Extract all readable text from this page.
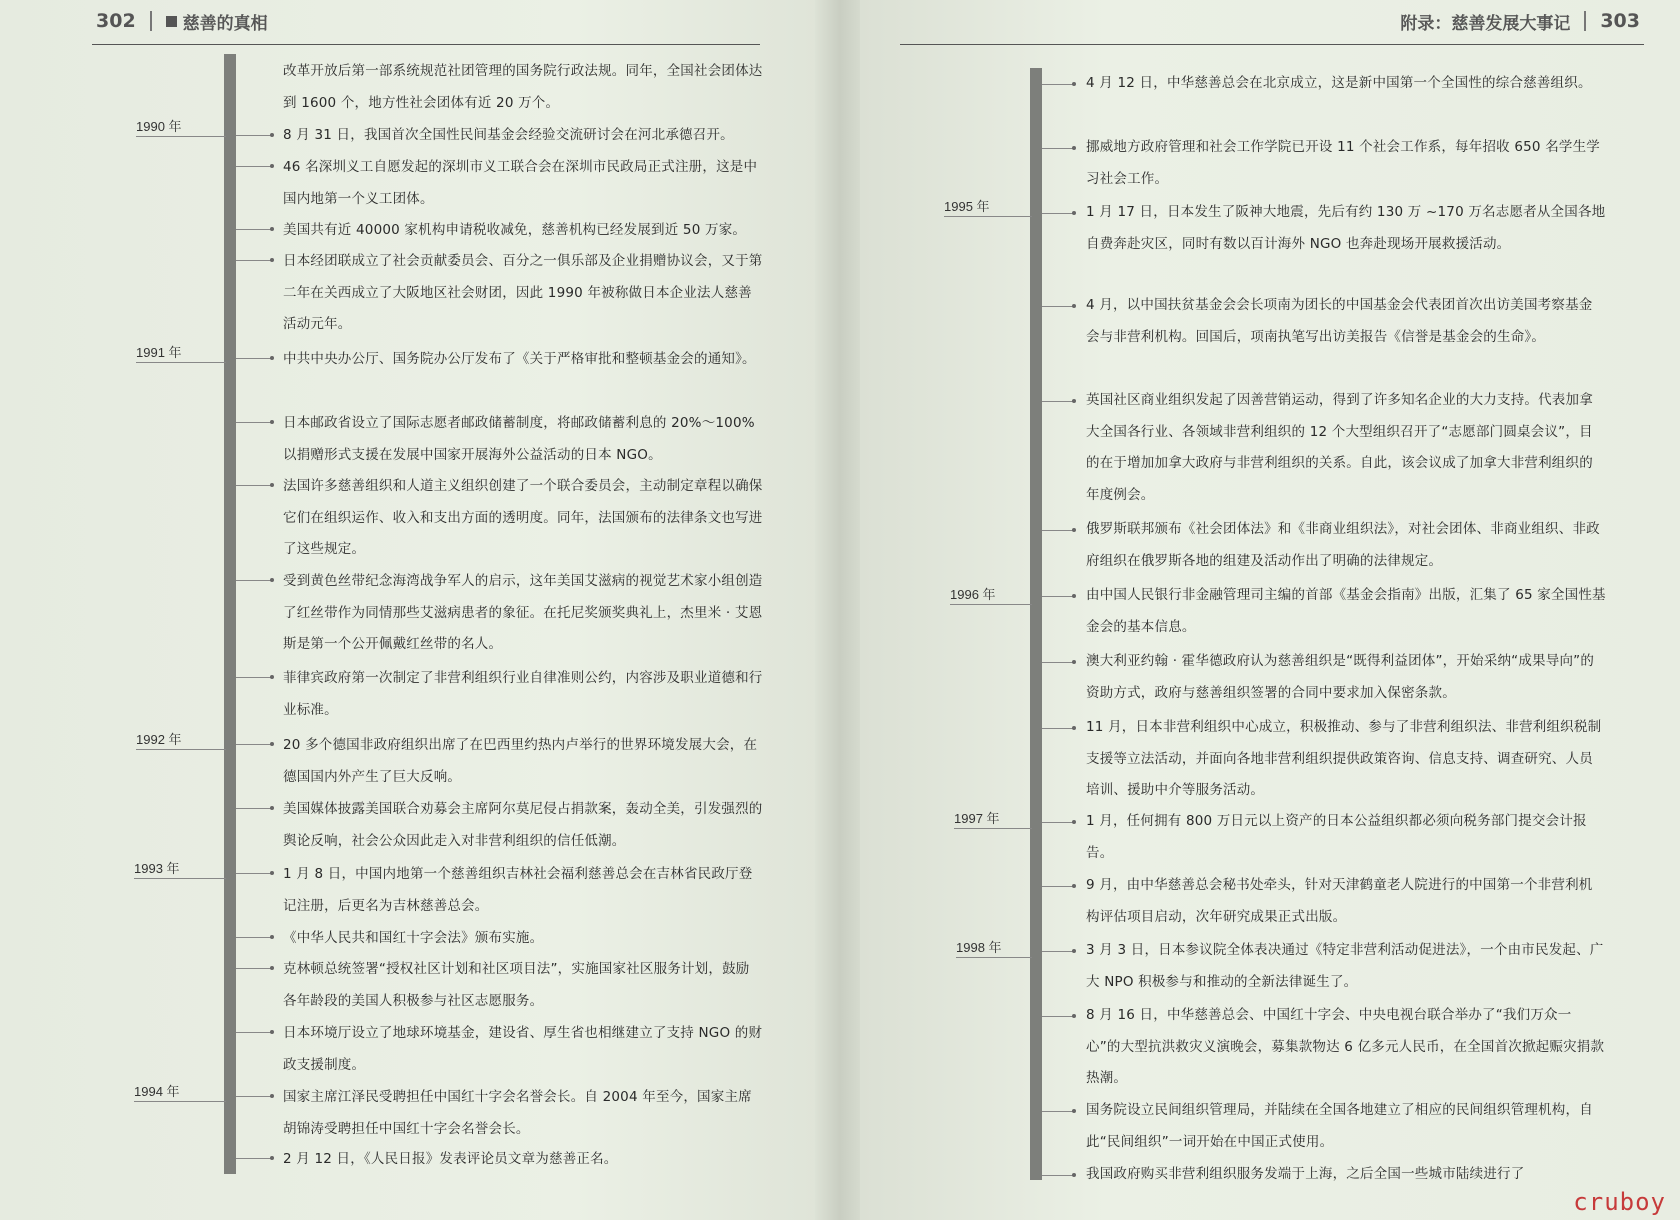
302	慈善的真相
1990 年
1991 年
1992 年
1993 年
1994 年
改革开放后第一部系统规范社团管理的国务院行政法规。同年，全国社会团体达到 1600 个，地方性社会团体有近 20 万个。
8 月 31 日，我国首次全国性民间基金会经验交流研讨会在河北承德召开。
46 名深圳义工自愿发起的深圳市义工联合会在深圳市民政局正式注册，这是中国内地第一个义工团体。
美国共有近 40000 家机构申请税收减免，慈善机构已经发展到近 50 万家。
日本经团联成立了社会贡献委员会、百分之一俱乐部及企业捐赠协议会，又于第二年在关西成立了大阪地区社会财团，因此 1990 年被称做日本企业法人慈善活动元年。
中共中央办公厅、国务院办公厅发布了《关于严格审批和整顿基金会的通知》。
日本邮政省设立了国际志愿者邮政储蓄制度，将邮政储蓄利息的 20%～100% 以捐赠形式支援在发展中国家开展海外公益活动的日本 NGO。
法国许多慈善组织和人道主义组织创建了一个联合委员会，主动制定章程以确保它们在组织运作、收入和支出方面的透明度。同年，法国颁布的法律条文也写进了这些规定。
受到黄色丝带纪念海湾战争军人的启示，这年美国艾滋病的视觉艺术家小组创造了红丝带作为同情那些艾滋病患者的象征。在托尼奖颁奖典礼上，杰里米 · 艾恩斯是第一个公开佩戴红丝带的名人。
菲律宾政府第一次制定了非营利组织行业自律准则公约，内容涉及职业道德和行业标准。
20 多个德国非政府组织出席了在巴西里约热内卢举行的世界环境发展大会，在德国国内外产生了巨大反响。
美国媒体披露美国联合劝募会主席阿尔莫尼侵占捐款案，轰动全美，引发强烈的舆论反响，社会公众因此走入对非营利组织的信任低潮。
1 月 8 日，中国内地第一个慈善组织吉林社会福利慈善总会在吉林省民政厅登记注册，后更名为吉林慈善总会。
《中华人民共和国红十字会法》颁布实施。
克林顿总统签署“授权社区计划和社区项目法”，实施国家社区服务计划，鼓励各年龄段的美国人积极参与社区志愿服务。
日本环境厅设立了地球环境基金，建设省、厚生省也相继建立了支持 NGO 的财政支援制度。
国家主席江泽民受聘担任中国红十字会名誉会长。自 2004 年至今，国家主席胡锦涛受聘担任中国红十字会名誉会长。
2 月 12 日，《人民日报》发表评论员文章为慈善正名。
附录：慈善发展大事记 303
1995 年
1996 年
1997 年
1998 年
4 月 12 日，中华慈善总会在北京成立，这是新中国第一个全国性的综合慈善组织。
挪威地方政府管理和社会工作学院已开设 11 个社会工作系，每年招收 650 名学生学习社会工作。
1 月 17 日，日本发生了阪神大地震，先后有约 130 万 ~170 万名志愿者从全国各地自费奔赴灾区，同时有数以百计海外 NGO 也奔赴现场开展救援活动。
4 月，以中国扶贫基金会会长项南为团长的中国基金会代表团首次出访美国考察基金会与非营利机构。回国后，项南执笔写出访美报告《信誉是基金会的生命》。
英国社区商业组织发起了因善营销运动，得到了许多知名企业的大力支持。代表加拿大全国各行业、各领域非营利组织的 12 个大型组织召开了“志愿部门圆桌会议”，目的在于增加加拿大政府与非营利组织的关系。自此，该会议成了加拿大非营利组织的年度例会。
俄罗斯联邦颁布《社会团体法》和《非商业组织法》，对社会团体、非商业组织、非政府组织在俄罗斯各地的组建及活动作出了明确的法律规定。
由中国人民银行非金融管理司主编的首部《基金会指南》出版，汇集了 65 家全国性基金会的基本信息。
澳大利亚约翰 · 霍华德政府认为慈善组织是“既得利益团体”，开始采纳“成果导向”的资助方式，政府与慈善组织签署的合同中要求加入保密条款。
11 月，日本非营利组织中心成立，积极推动、参与了非营利组织法、非营利组织税制支援等立法活动，并面向各地非营利组织提供政策咨询、信息支持、调查研究、人员培训、援助中介等服务活动。
1 月，任何拥有 800 万日元以上资产的日本公益组织都必须向税务部门提交会计报告。
9 月，由中华慈善总会秘书处牵头，针对天津鹤童老人院进行的中国第一个非营利机构评估项目启动，次年研究成果正式出版。
3 月 3 日，日本参议院全体表决通过《特定非营利活动促进法》，一个由市民发起、广大 NPO 积极参与和推动的全新法律诞生了。
8 月 16 日，中华慈善总会、中国红十字会、中央电视台联合举办了“我们万众一心”的大型抗洪救灾义演晚会，募集款物达 6 亿多元人民币，在全国首次掀起赈灾捐款热潮。
国务院设立民间组织管理局，并陆续在全国各地建立了相应的民间组织管理机构，自此“民间组织”一词开始在中国正式使用。
我国政府购买非营利组织服务发端于上海，之后全国一些城市陆续进行了
cruboy
